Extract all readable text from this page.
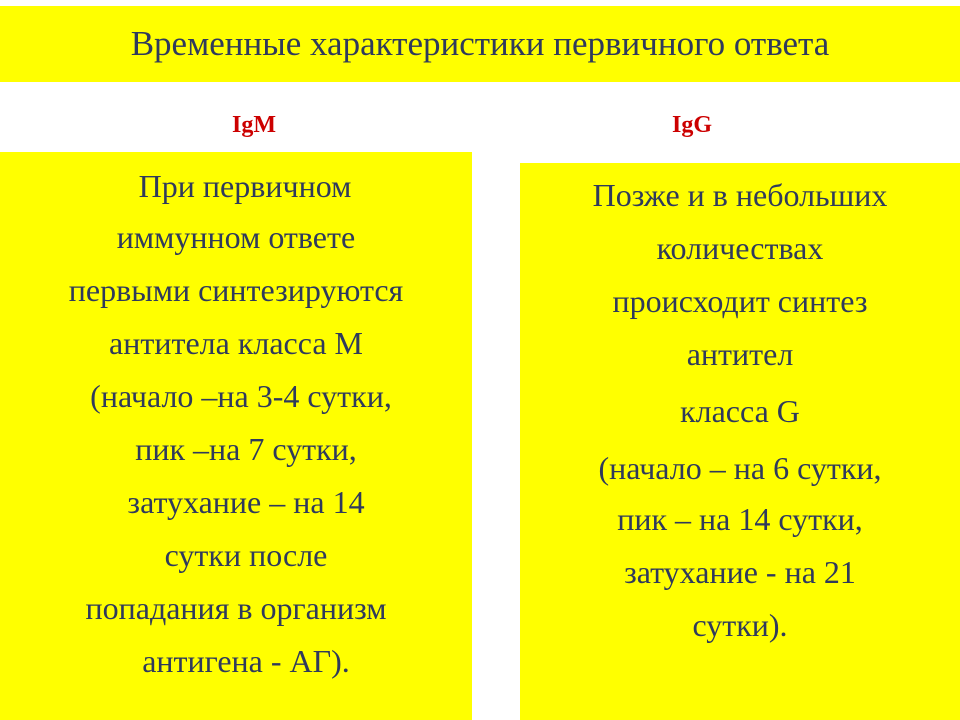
Временные характеристики первичного ответа
IgM	IgG
При первичном
иммунном ответе
первыми синтезируются
антитела класса М
(начало –на 3-4 сутки,
пик –на 7 сутки,
затухание – на 14
сутки после
попадания в организм
антигена - АГ).
Позже и в небольших
количествах
происходит синтез
антител
класса G
(начало – на 6 сутки,
пик – на 14 сутки,
затухание - на 21
сутки).
